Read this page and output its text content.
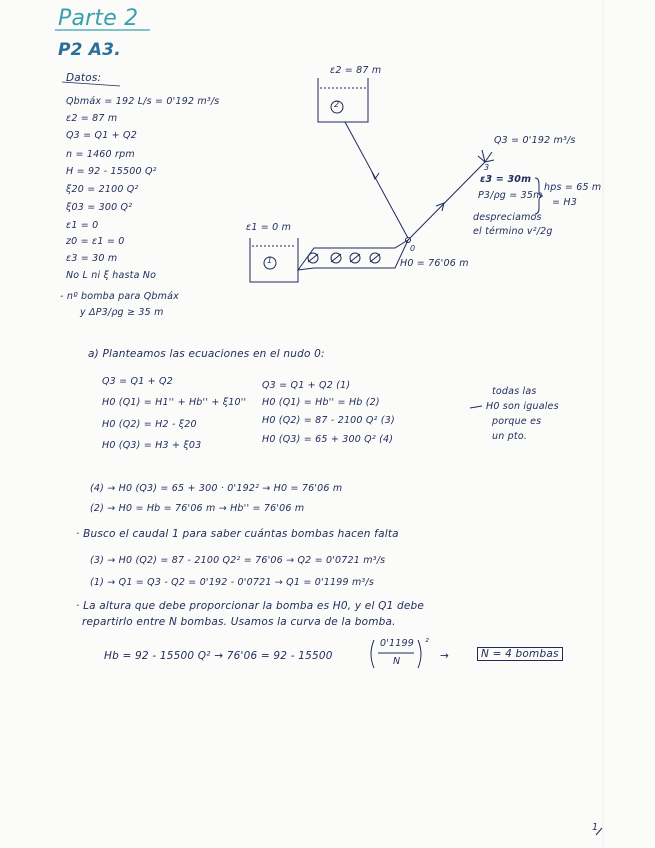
Parte 2
P2 A3.
Datos:
Qbmáx = 192 L/s = 0'192 m³/s
ε2 = 87 m
Q3 = Q1 + Q2
n = 1460 rpm
H = 92 - 15500 Q²
ξ20 = 2100 Q²
ξ03 = 300 Q²
ε1 = 0
z0 = ε1 = 0
ε3 = 30 m
No L ni ξ hasta No
- nº bomba para Qbmáx
y ΔP3/ρg ≥ 35 m
ε2 = 87 m
2
ε1 = 0 m
1
0
H0 = 76'06 m
Q3 = 0'192 m³/s
3
ε3 = 30m
P3/ρg = 35m
hps = 65 m
= H3
despreciamos
el término v²/2g
a) Planteamos las ecuaciones en el nudo 0:
Q3 = Q1 + Q2
H0 (Q1) = H1'' + Hb'' + ξ10''
H0 (Q2) = H2 - ξ20
H0 (Q3) = H3 + ξ03
Q3 = Q1 + Q2 (1)
H0 (Q1) = Hb'' = Hb (2)
H0 (Q2) = 87 - 2100 Q² (3)
H0 (Q3) = 65 + 300 Q² (4)
todas las
H0 son iguales
porque es
un pto.
(4) → H0 (Q3) = 65 + 300 · 0'192² → H0 = 76'06 m
(2) → H0 = Hb = 76'06 m → Hb'' = 76'06 m
· Busco el caudal 1 para saber cuántas bombas hacen falta
(3) → H0 (Q2) = 87 - 2100 Q2² = 76'06 → Q2 = 0'0721 m³/s
(1) → Q1 = Q3 - Q2 = 0'192 - 0'0721 → Q1 = 0'1199 m³/s
· La altura que debe proporcionar la bomba es H0, y el Q1 debe
repartirlo entre N bombas. Usamos la curva de la bomba.
Hb = 92 - 15500 Q² → 76'06 = 92 - 15500
0'1199
N
²
→	N = 4 bombas
1
